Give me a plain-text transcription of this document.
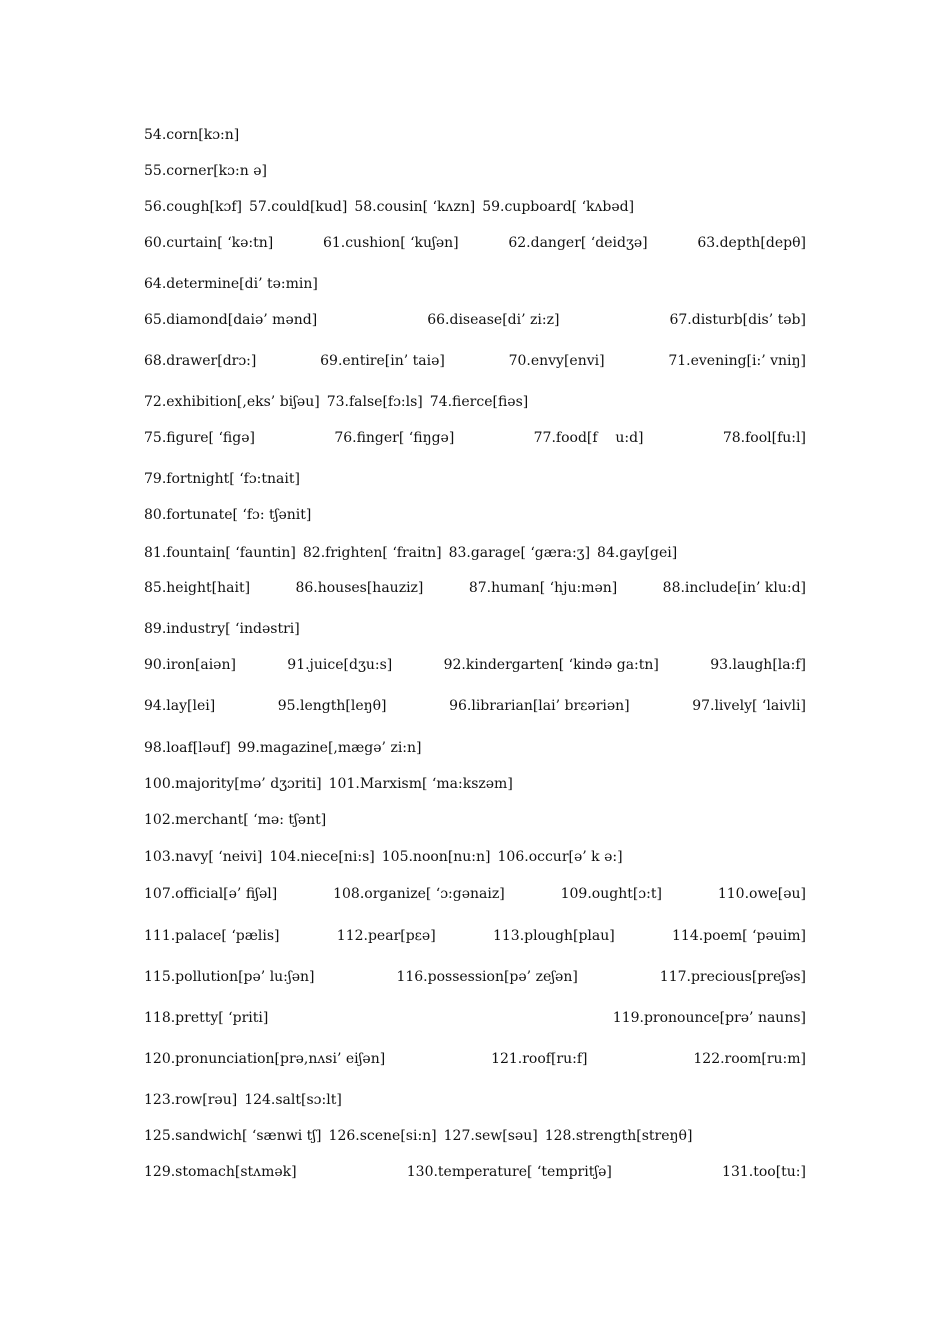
54.corn[kɔ:n]
55.corner[kɔ:n ə]
56.cough[kɔf] 57.could[kud] 58.cousin[ ‘kʌzn] 59.cupboard[ ‘kʌbəd]
60.curtain[ ‘kə:tn]	61.cushion[ ‘kuʃən]	62.danger[ ‘deidʒə]	63.depth[depθ]
64.determine[di’ tə:min]
65.diamond[daiə’ mənd]	66.disease[di’ zi:z]	67.disturb[dis’ təb]
68.drawer[drɔ:]	69.entire[in’ taiə]	70.envy[envi]	71.evening[i:’ vniŋ]
72.exhibition[,eks’ biʃəu] 73.false[fɔ:ls] 74.fierce[fiəs]
75.figure[ ‘figə]	76.finger[ ‘fiŋgə]	77.food[f    u:d]	78.fool[fu:l]
79.fortnight[ ‘fɔ:tnait]
80.fortunate[ ‘fɔ: tʃənit]
81.fountain[ ‘fauntin] 82.frighten[ ‘fraitn] 83.garage[ ‘gæra:ʒ] 84.gay[gei]
85.height[hait]	86.houses[hauziz]	87.human[ ‘hju:mən]	88.include[in’ klu:d]
89.industry[ ‘indəstri]
90.iron[aiən]	91.juice[dʒu:s]	92.kindergarten[ ‘kində ga:tn]	93.laugh[la:f]
94.lay[lei]	95.length[leŋθ]	96.librarian[lai’ brεəriən]	97.lively[ ‘laivli]
98.loaf[ləuf] 99.magazine[,mægə’ zi:n]
100.majority[mə’ dʒɔriti] 101.Marxism[ ‘ma:kszəm]
102.merchant[ ‘mə: tʃənt]
103.navy[ ‘neivi] 104.niece[ni:s] 105.noon[nu:n] 106.occur[ə’ k ə:]
107.official[ə’ fiʃəl]	108.organize[ ‘ɔ:gənaiz]	109.ought[ɔ:t]	110.owe[əu]
111.palace[ ‘pælis]	112.pear[pεə]	113.plough[plau]	114.poem[ ‘pəuim]
115.pollution[pə’ lu:ʃən]	116.possession[pə’ zeʃən]	117.precious[preʃəs]
118.pretty[ ‘priti]	119.pronounce[prə’ nauns]
120.pronunciation[prə,nʌsi’ eiʃən]	121.roof[ru:f]	122.room[ru:m]
123.row[rəu] 124.salt[sɔ:lt]
125.sandwich[ ‘sænwi tʃ] 126.scene[si:n] 127.sew[səu] 128.strength[streŋθ]
129.stomach[stʌmək]	130.temperature[ ‘tempritʃə]	131.too[tu:]
